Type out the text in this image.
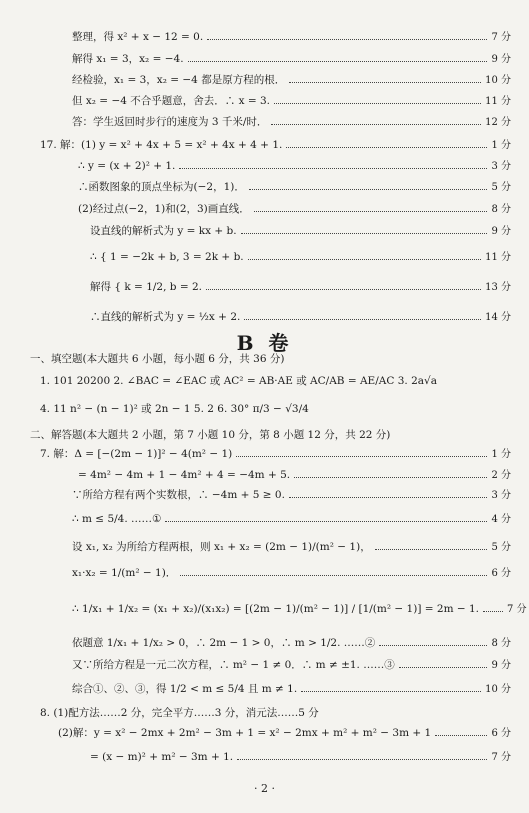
整理，得 x² + x − 12 = 0.	7 分
解得 x₁ = 3，x₂ = −4.	9 分
经检验，x₁ = 3，x₂ = −4 都是原方程的根．	10 分
但 x₂ = −4 不合乎题意，舍去．∴ x = 3.	11 分
答：学生返回时步行的速度为 3 千米/时．	12 分
17. 解：(1) y = x² + 4x + 5 = x² + 4x + 4 + 1.	1 分
∴ y = (x + 2)² + 1.	3 分
∴函数图象的顶点坐标为(−2，1)．	5 分
(2)经过点(−2，1)和(2，3)画直线．	8 分
设直线的解析式为 y = kx + b.	9 分
∴ { 1 = −2k + b, 3 = 2k + b.	11 分
解得 { k = 1/2, b = 2.	13 分
∴直线的解析式为 y = ½x + 2.	14 分
B 卷
一、填空题(本大题共 6 小题，每小题 6 分，共 36 分)
1. 101 20200 2. ∠BAC = ∠EAC 或 AC² = AB·AE 或 AC/AB = AE/AC 3. 2a√a
4. 11 n² − (n − 1)² 或 2n − 1 5. 2 6. 30° π/3 − √3/4
二、解答题(本大题共 2 小题，第 7 小题 10 分，第 8 小题 12 分，共 22 分)
7. 解：Δ = [−(2m − 1)]² − 4(m² − 1)	1 分
= 4m² − 4m + 1 − 4m² + 4 = −4m + 5.	2 分
∵所给方程有两个实数根，∴ −4m + 5 ≥ 0.	3 分
∴ m ≤ 5/4. ……①	4 分
设 x₁, x₂ 为所给方程两根，则 x₁ + x₂ = (2m − 1)/(m² − 1)，	5 分
x₁·x₂ = 1/(m² − 1)．	6 分
∴ 1/x₁ + 1/x₂ = (x₁ + x₂)/(x₁x₂) = [(2m − 1)/(m² − 1)] / [1/(m² − 1)] = 2m − 1.	7 分
依题意 1/x₁ + 1/x₂ > 0，∴ 2m − 1 > 0，∴ m > 1/2. ……②	8 分
又∵所给方程是一元二次方程，∴ m² − 1 ≠ 0．∴ m ≠ ±1. ……③	9 分
综合①、②、③，得 1/2 < m ≤ 5/4 且 m ≠ 1.	10 分
8. (1)配方法……2 分，完全平方……3 分，消元法……5 分
(2)解：y = x² − 2mx + 2m² − 3m + 1 = x² − 2mx + m² + m² − 3m + 1	6 分
= (x − m)² + m² − 3m + 1.	7 分
· 2 ·
